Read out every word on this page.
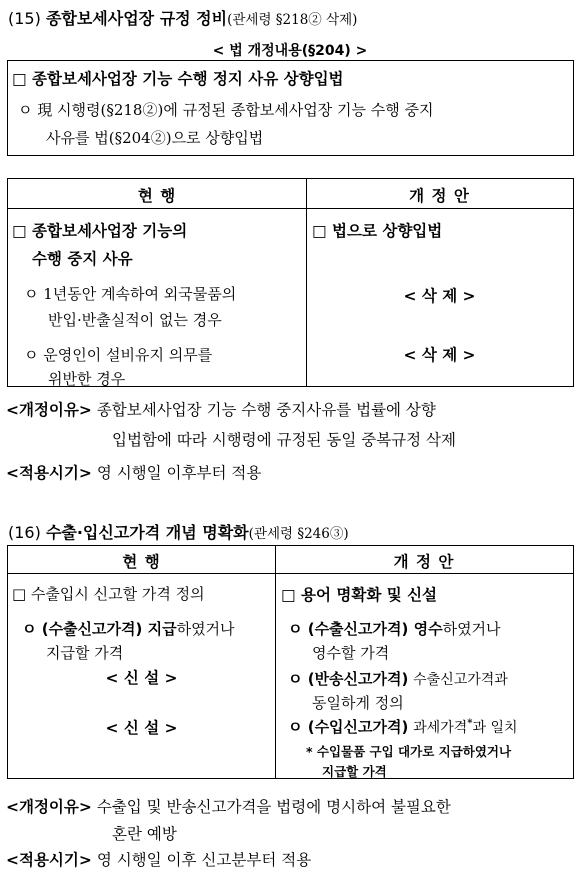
(15) 종합보세사업장 규정 정비(관세령 §218② 삭제)
< 법 개정내용(§204) >
□ 종합보세사업장 기능 수행 정지 사유 상향입법
ㅇ 現 시행령(§218②)에 규정된 종합보세사업장 기능 수행 중지
사유를 법(§204②)으로 상향입법
현 행	개 정 안
□ 종합보세사업장 기능의
수행 중지 사유
ㅇ 1년동안 계속하여 외국물품의
반입·반출실적이 없는 경우
ㅇ 운영인이 설비유지 의무를
위반한 경우
□ 법으로 상향입법
< 삭 제 >
< 삭 제 >
<개정이유> 종합보세사업장 기능 수행 중지사유를 법률에 상향
입법함에 따라 시행령에 규정된 동일 중복규정 삭제
<적용시기> 영 시행일 이후부터 적용
(16) 수출·입신고가격 개념 명확화(관세령 §246③)
현 행	개 정 안
□ 수출입시 신고할 가격 정의
ㅇ (수출신고가격) 지급하였거나
지급할 가격
< 신 설 >
< 신 설 >
□ 용어 명확화 및 신설
ㅇ (수출신고가격) 영수하였거나
영수할 가격
ㅇ (반송신고가격) 수출신고가격과
동일하게 정의
ㅇ (수입신고가격) 과세가격*과 일치
* 수입물품 구입 대가로 지급하였거나
지급할 가격
<개정이유> 수출입 및 반송신고가격을 법령에 명시하여 불필요한
혼란 예방
<적용시기> 영 시행일 이후 신고분부터 적용
